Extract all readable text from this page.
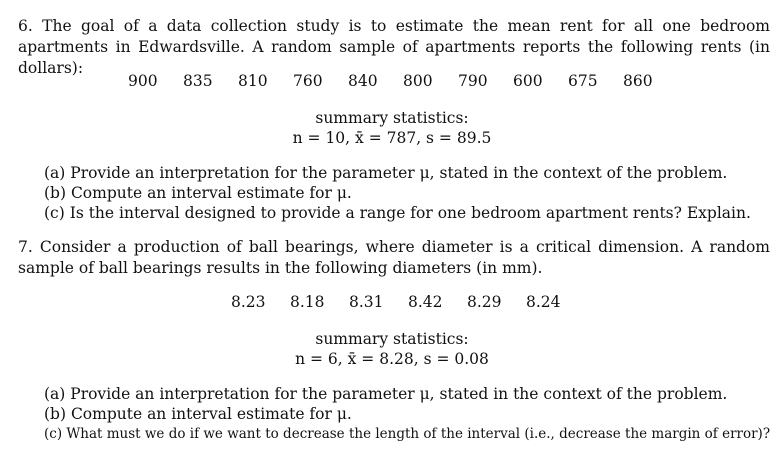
6. The goal of a data collection study is to estimate the mean rent for all one bedroom apartments in Edwardsville. A random sample of apartments reports the following rents (in dollars):
900	835	810	760	840	800	790	600	675	860
summary statistics:
n = 10, x̄ = 787, s = 89.5
(a) Provide an interpretation for the parameter μ, stated in the context of the problem.
(b) Compute an interval estimate for μ.
(c) Is the interval designed to provide a range for one bedroom apartment rents? Explain.
7. Consider a production of ball bearings, where diameter is a critical dimension. A random sample of ball bearings results in the following diameters (in mm).
8.23	8.18	8.31	8.42	8.29	8.24
summary statistics:
n = 6, x̄ = 8.28, s = 0.08
(a) Provide an interpretation for the parameter μ, stated in the context of the problem.
(b) Compute an interval estimate for μ.
(c) What must we do if we want to decrease the length of the interval (i.e., decrease the margin of error)?
